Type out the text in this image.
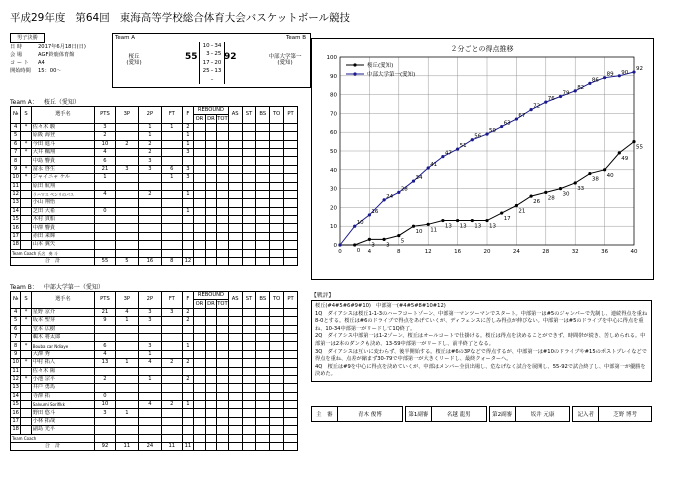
平成29年度 第64回 東海高等学校総合体育大会バスケットボール競技
男子決勝
日 時	2017年6月18日(日)
会 場	AGF鈴鹿体育館
コ ー ト A4
開始時間 15：00～
Team A	Team B
桜丘
(愛知)
55	92	中部大学第一
(愛知)
10 – 34
3 – 25
17 – 20
25 – 13
–
Team A： 桜丘（愛知）
№	S	選手名	PTS	3P	2P	FT	F	REBOUND			AS	ST	BS	TO	PT
								OR	DR	TOT					
4	*	佐々木 駿	3		1	1	2								
5		原阪 海登	2		1		1								
6	*	今田 進斗	10	2	2		1								
7	*	大井 楓翔	4		2		3								
8		中島 響貴	6		3										
9	*	富永 啓生	21	3	3	6	3								
10	*	ジャイニャ ケル	1			1	3								
11		原田 航翔													
12		ラハマス ペンリのパス	4		2		1								
13		小山 翔悟													
14		芝田 大希	0				1								
15		木村 貫船													
16		中澤 響貴													
17		赤田 来輝													
18		山本 翼矢													
Team Coach 氏名 奏 斗															
合　計			55	5	16	8	12								
Team B： 中部大学第一（愛知）
№	S	選手名	PTS	3P	2P	FT	F	REBOUND			AS	ST	BS	TO	PT
								OR	DR	TOT					
4	*	星野 京介	21	4	3	3	2								
5	*	坂本 聖芽	9	1	3		2								
6		堂本 広樹													
7		鵜木 将太郎													
8	*	Bouba car Ndiaye	6		3		1								
9		大澤 秀	4		1										
10	*	中村 拓人	13	1	4	2	2								
11		佐々木 陽													
12	*	小池 宗平	2		1		2								
13		井戸 勇馬													
14		寺澤 拓	0												
15		Salvumi Sorifikk	10		4	2	1								
16		野田 悠斗	3	1											
17		小林 拓哉													
18		副島 光平													
Team Coach															
合　計			92	11	24	11	11								
２分ごとの得点推移
0
10
20
30
40
50
60
70
80
90
100
0	4	8	12	16	20	24	28	32	36	40
0
3 3
5
10 11
13 13 13 13
17
21
26
28
30
33
38
40
49
55
桜丘(愛知)
10
16
24
28
34
41
47
51
56
59
63
67
72
76
79
82
86
89 90
92
中部大学第一(愛知)
【戦評】
桜丘(#4#5#6#9#10)　中部第一(#4#5#8#10#12)
1Q　ダイアシスは桜丘1-1-3のハーフコートゾーン、中部第一マンツーマンでスタート。中部第一は#5のジャンパーで先制し、連続得点を重ね8-0とする。桜丘は#6のドライブで得点をあげていくが、ディフェンスに苦しみ得点が伸びない。中部第一は#5のドライブを中心に得点を重ね、10-34中部第一がリードして1Q終了。
2Q　ダイアシス中部第一は1-2ゾーン、桜丘はオールコートで仕掛ける。桜丘は得点を決めることができず、時間帯が続き、苦しめられる。中部第一は2本のダンクも決め、13-59中部第一がリードし、前半終了となる。
3Q　ダイアシスは互いに変わらず、後半開始する。桜丘は#6の3Pなどで得点するが、中部第一は#10のドライブや#15のポストプレイなどで得点を重ね、点差が縮まず30-79で中部第一が大きくリードし、最終クォーターへ。
4Q　桜丘は#9を中心に得点を決めていくが、中部はメンバー全員出場し、危なげなく試合を展開し、55-92で試合終了し、中部第一が優勝を決めた。
主　審	青木 俊博	第1副審	名越 龍男	第2副審	坂井 元康	記入者	芝野 博考
